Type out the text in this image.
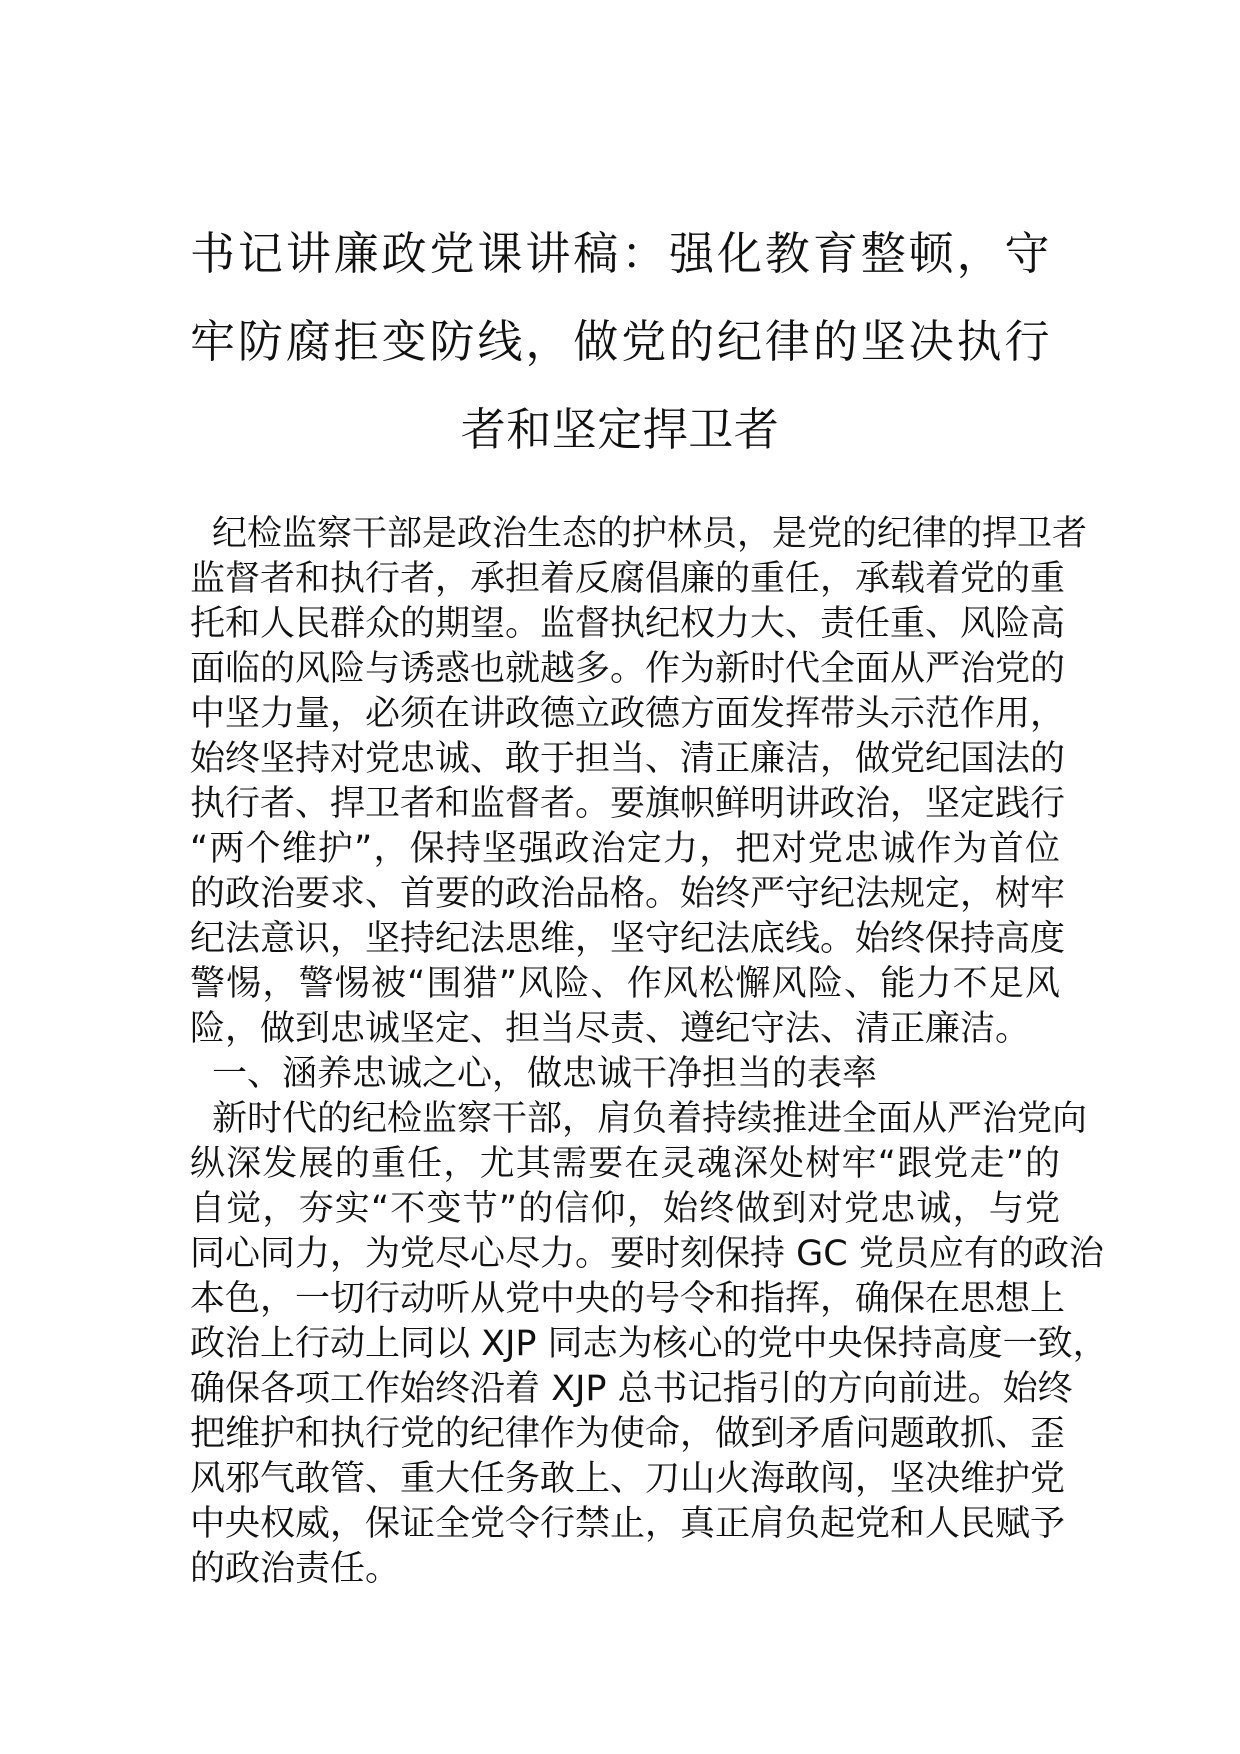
书记讲廉政党课讲稿：强化教育整顿，守
牢防腐拒变防线，做党的纪律的坚决执行
者和坚定捍卫者
纪检监察干部是政治生态的护林员，是党的纪律的捍卫者
监督者和执行者，承担着反腐倡廉的重任，承载着党的重
托和人民群众的期望。监督执纪权力大、责任重、风险高
面临的风险与诱惑也就越多。作为新时代全面从严治党的
中坚力量，必须在讲政德立政德方面发挥带头示范作用，
始终坚持对党忠诚、敢于担当、清正廉洁，做党纪国法的
执行者、捍卫者和监督者。要旗帜鲜明讲政治，坚定践行
“两个维护”，保持坚强政治定力，把对党忠诚作为首位
的政治要求、首要的政治品格。始终严守纪法规定，树牢
纪法意识，坚持纪法思维，坚守纪法底线。始终保持高度
警惕，警惕被“围猎”风险、作风松懈风险、能力不足风
险，做到忠诚坚定、担当尽责、遵纪守法、清正廉洁。
一、涵养忠诚之心，做忠诚干净担当的表率
新时代的纪检监察干部，肩负着持续推进全面从严治党向
纵深发展的重任，尤其需要在灵魂深处树牢“跟党走”的
自觉，夯实“不变节”的信仰，始终做到对党忠诚，与党
同心同力，为党尽心尽力。要时刻保持 GC 党员应有的政治
本色，一切行动听从党中央的号令和指挥，确保在思想上
政治上行动上同以 XJP 同志为核心的党中央保持高度一致，
确保各项工作始终沿着 XJP 总书记指引的方向前进。始终
把维护和执行党的纪律作为使命，做到矛盾问题敢抓、歪
风邪气敢管、重大任务敢上、刀山火海敢闯，坚决维护党
中央权威，保证全党令行禁止，真正肩负起党和人民赋予
的政治责任。
